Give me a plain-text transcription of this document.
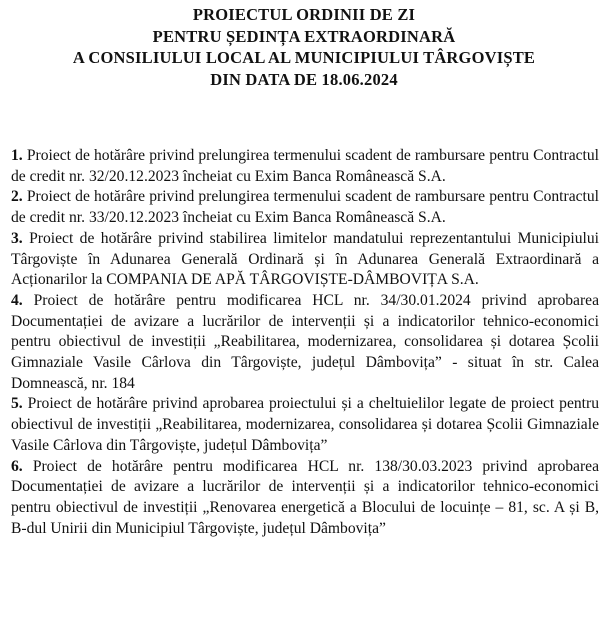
PROIECTUL ORDINII DE ZI
PENTRU ȘEDINȚA EXTRAORDINARĂ
A CONSILIULUI LOCAL AL MUNICIPIULUI TÂRGOVIȘTE
DIN DATA DE 18.06.2024

1. Proiect de hotărâre privind prelungirea termenului scadent de rambursare pentru Contractul de credit nr. 32/20.12.2023 încheiat cu Exim Banca Românească S.A.

2. Proiect de hotărâre privind prelungirea termenului scadent de rambursare pentru Contractul de credit nr. 33/20.12.2023 încheiat cu Exim Banca Românească S.A.

3. Proiect de hotărâre privind stabilirea limitelor mandatului reprezentantului Municipiului Târgoviște în Adunarea Generală Ordinară și în Adunarea Generală Extraordinară a Acționarilor la COMPANIA DE APĂ TÂRGOVIȘTE-DÂMBOVIȚA S.A.

4. Proiect de hotărâre pentru modificarea HCL nr. 34/30.01.2024 privind aprobarea Documentației de avizare a lucrărilor de intervenții și a indicatorilor tehnico-economici pentru obiectivul de investiții „Reabilitarea, modernizarea, consolidarea și dotarea Școlii Gimnaziale Vasile Cârlova din Târgoviște, județul Dâmbovița” - situat în str. Calea Domnească, nr. 184

5. Proiect de hotărâre privind aprobarea proiectului și a cheltuielilor legate de proiect pentru obiectivul de investiții „Reabilitarea, modernizarea, consolidarea și dotarea Școlii Gimnaziale Vasile Cârlova din Târgoviște, județul Dâmbovița”

6. Proiect de hotărâre pentru modificarea HCL nr. 138/30.03.2023 privind aprobarea Documentației de avizare a lucrărilor de intervenții și a indicatorilor tehnico-economici pentru obiectivul de investiții „Renovarea energetică a Blocului de locuințe – 81, sc. A și B, B-dul Unirii din Municipiul Târgoviște, județul Dâmbovița”
